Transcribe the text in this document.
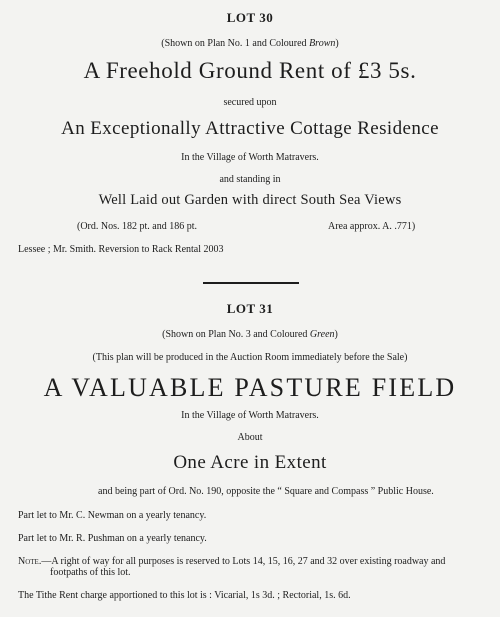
LOT 30
(Shown on Plan No. 1 and Coloured Brown)
A Freehold Ground Rent of £3 5s.
secured upon
An Exceptionally Attractive Cottage Residence
In the Village of Worth Matravers.
and standing in
Well Laid out Garden with direct South Sea Views
(Ord. Nos. 182 pt. and 186 pt.	Area approx. A. .771)
Lessee ; Mr. Smith. Reversion to Rack Rental 2003
LOT 31
(Shown on Plan No. 3 and Coloured Green)
(This plan will be produced in the Auction Room immediately before the Sale)
A VALUABLE PASTURE FIELD
In the Village of Worth Matravers.
About
One Acre in Extent
and being part of Ord. No. 190, opposite the “ Square and Compass ” Public House.
Part let to Mr. C. Newman on a yearly tenancy.
Part let to Mr. R. Pushman on a yearly tenancy.
Note.—A right of way for all purposes is reserved to Lots 14, 15, 16, 27 and 32 over existing roadway and
footpaths of this lot.
The Tithe Rent charge apportioned to this lot is : Vicarial, 1s 3d. ; Rectorial, 1s. 6d.
